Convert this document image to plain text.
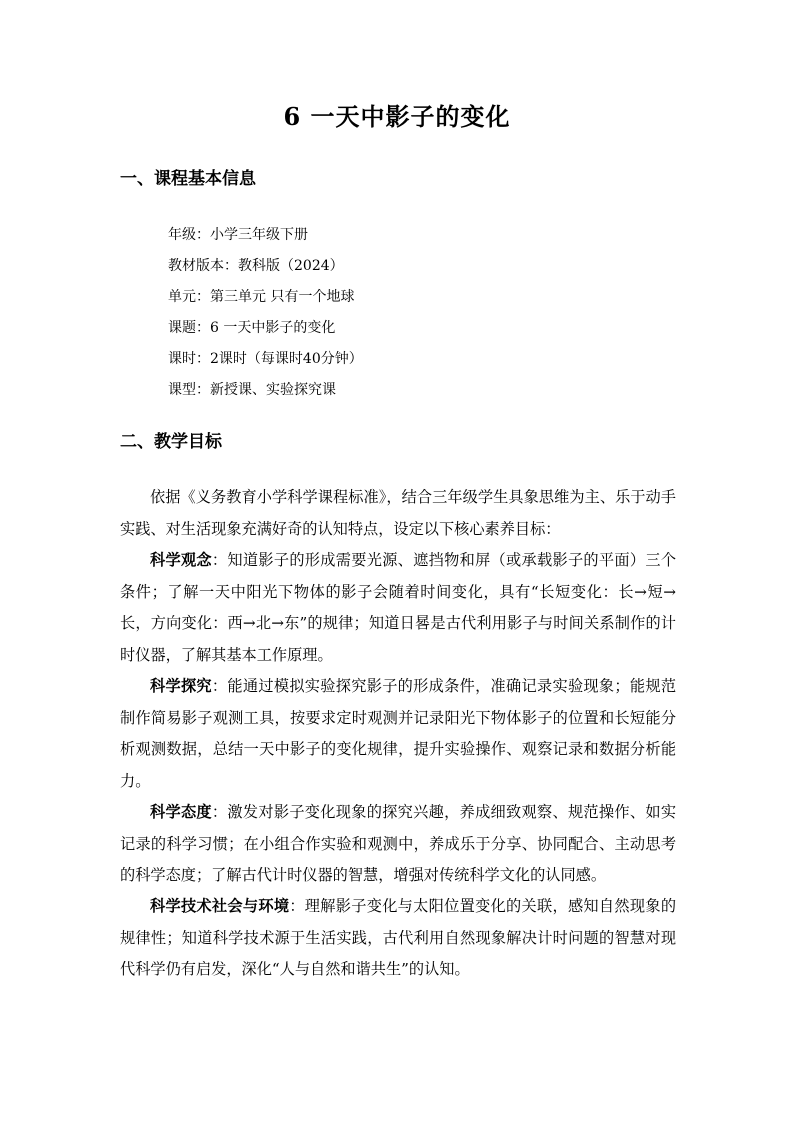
6 一天中影子的变化
一、课程基本信息
年级：小学三年级下册
教材版本：教科版（2024）
单元：第三单元 只有一个地球
课题：6 一天中影子的变化
课时：2课时（每课时40分钟）
课型：新授课、实验探究课
二、教学目标

依据《义务教育小学科学课程标准》，结合三年级学生具象思维为主、乐于动手实践、对生活现象充满好奇的认知特点，设定以下核心素养目标：

科学观念：知道影子的形成需要光源、遮挡物和屏（或承载影子的平面）三个条件；了解一天中阳光下物体的影子会随着时间变化，具有“长短变化：长→短→长，方向变化：西→北→东”的规律；知道日晷是古代利用影子与时间关系制作的计时仪器，了解其基本工作原理。

科学探究：能通过模拟实验探究影子的形成条件，准确记录实验现象；能规范制作简易影子观测工具，按要求定时观测并记录阳光下物体影子的位置和长短能分析观测数据，总结一天中影子的变化规律，提升实验操作、观察记录和数据分析能力。

科学态度：激发对影子变化现象的探究兴趣，养成细致观察、规范操作、如实记录的科学习惯；在小组合作实验和观测中，养成乐于分享、协同配合、主动思考的科学态度；了解古代计时仪器的智慧，增强对传统科学文化的认同感。

科学技术社会与环境：理解影子变化与太阳位置变化的关联，感知自然现象的规律性；知道科学技术源于生活实践，古代利用自然现象解决计时问题的智慧对现代科学仍有启发，深化“人与自然和谐共生”的认知。
